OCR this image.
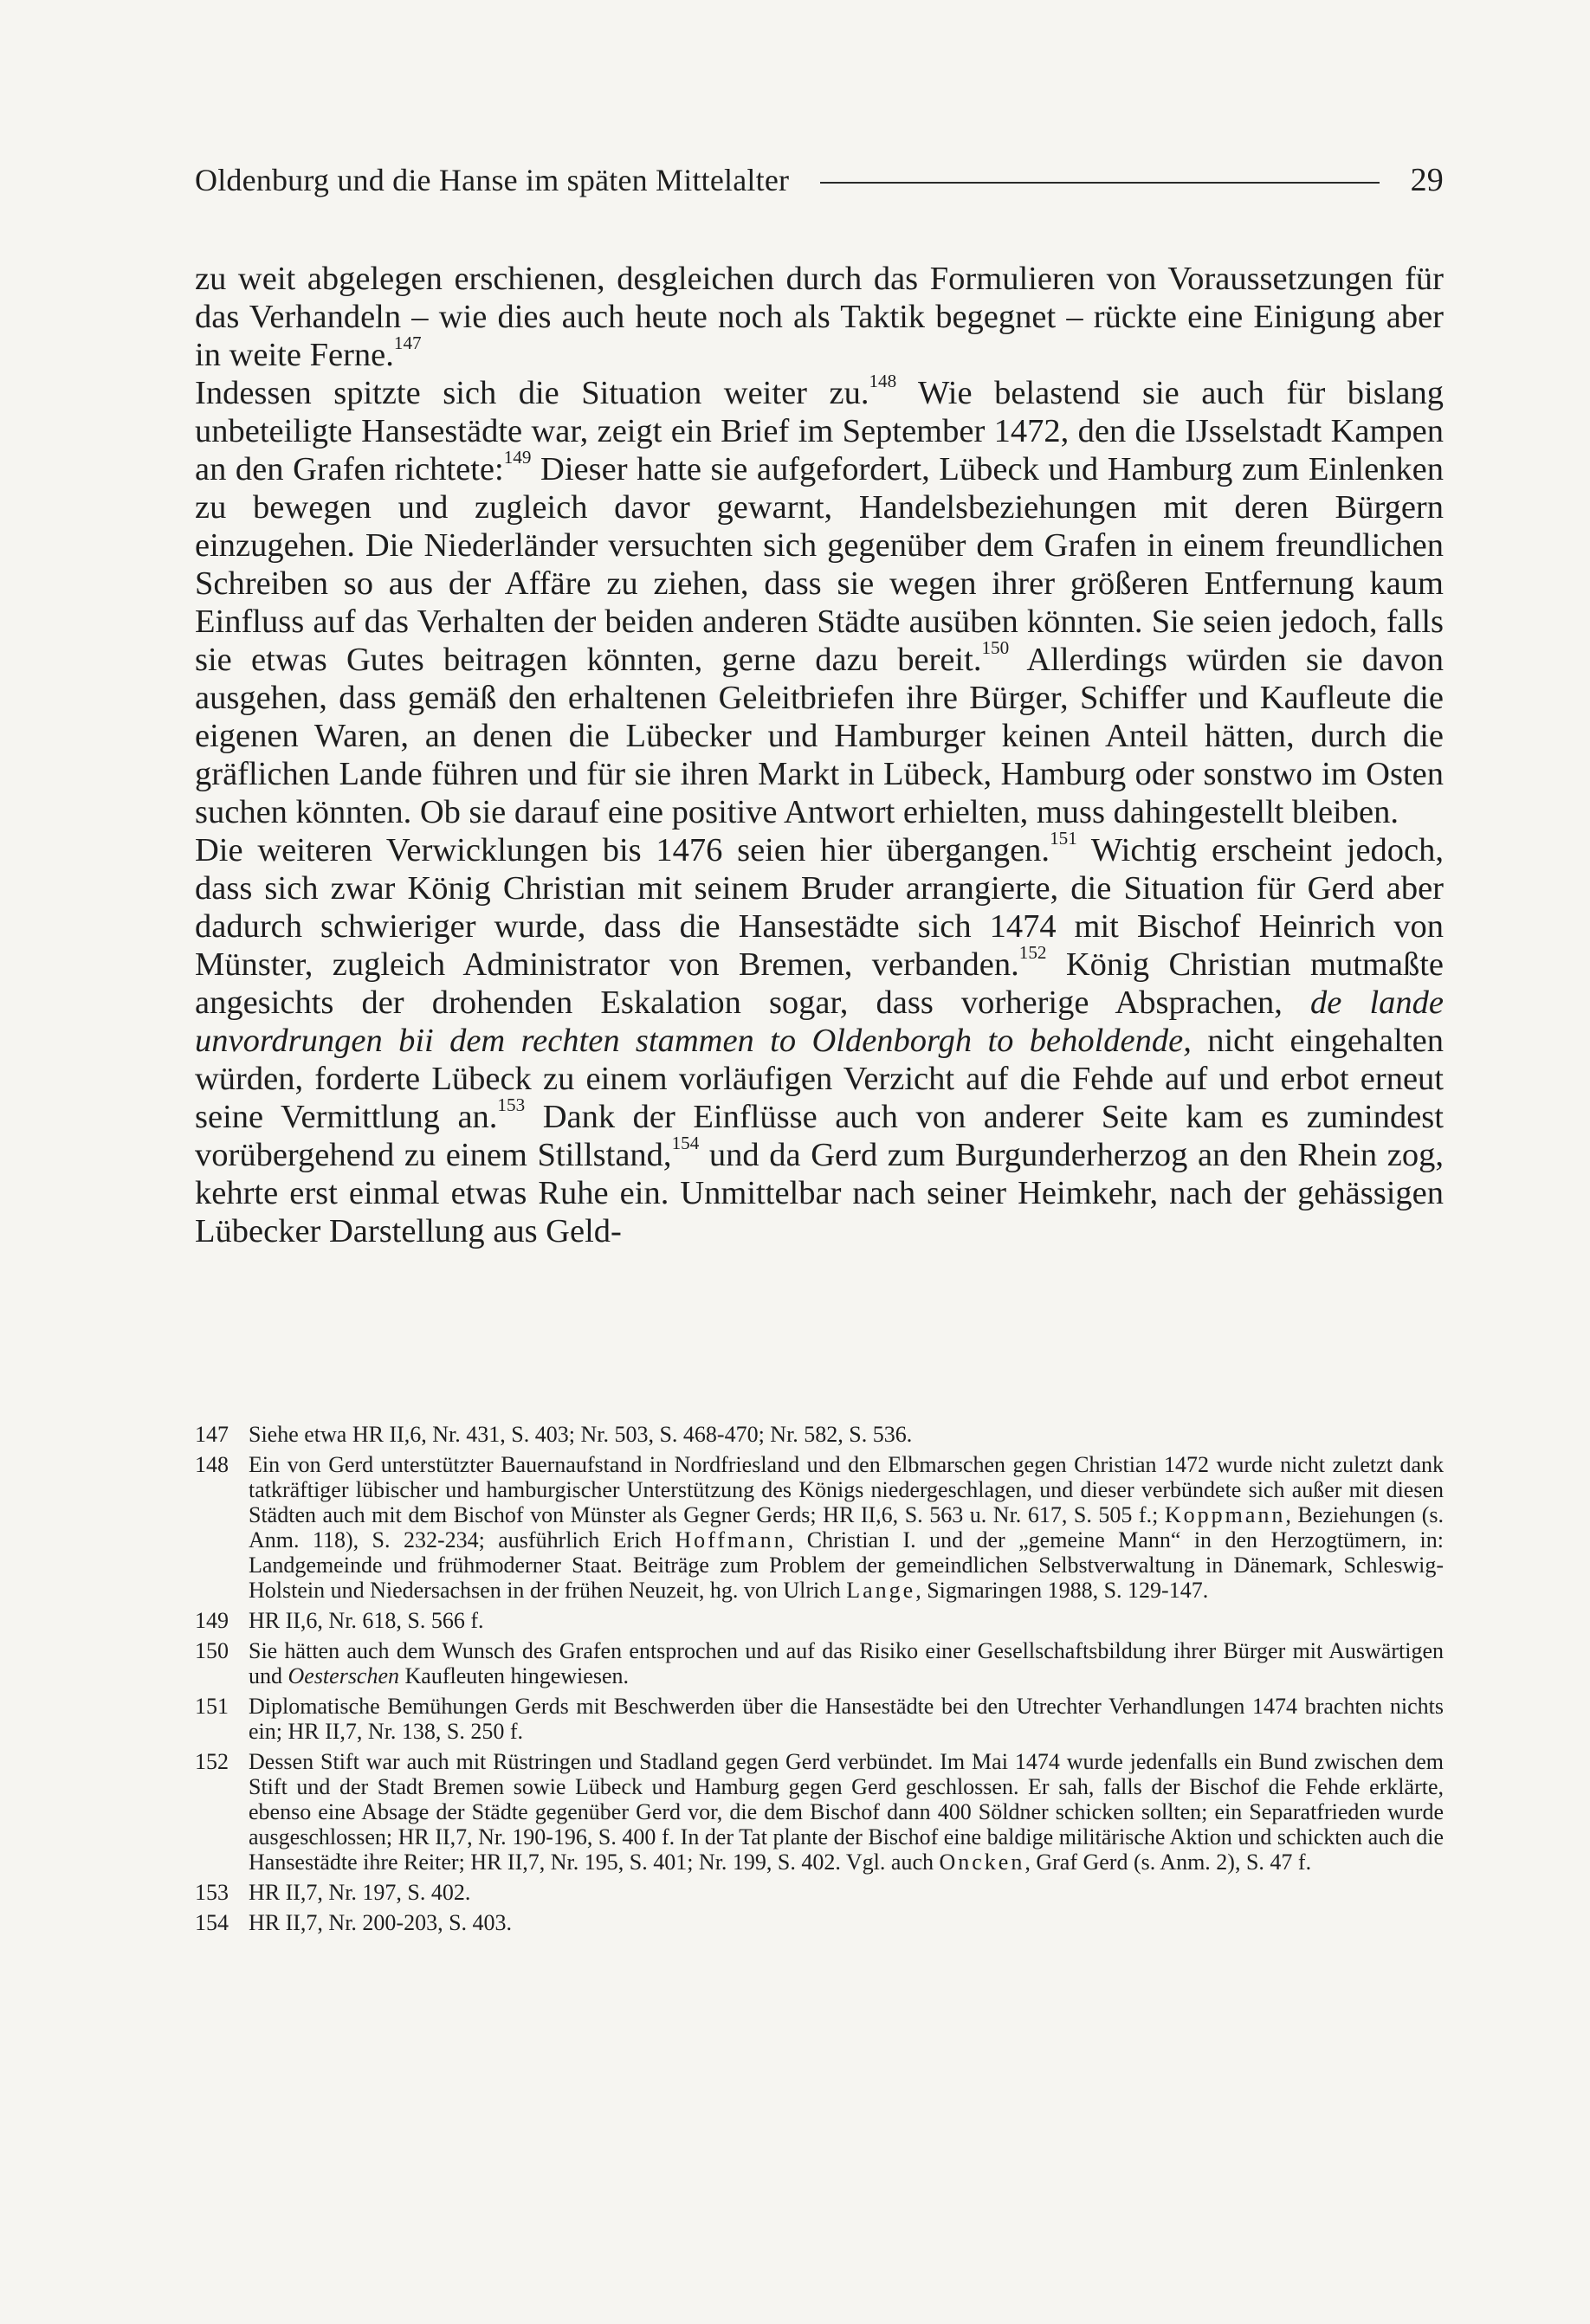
Oldenburg und die Hanse im späten Mittelalter	29

zu weit abgelegen erschienen, desgleichen durch das Formulieren von Voraussetzungen für das Verhandeln – wie dies auch heute noch als Taktik begegnet – rückte eine Einigung aber in weite Ferne.$^{147}$

Indessen spitzte sich die Situation weiter zu.$^{148}$ Wie belastend sie auch für bislang unbeteiligte Hansestädte war, zeigt ein Brief im September 1472, den die IJsselstadt Kampen an den Grafen richtete:$^{149}$ Dieser hatte sie aufgefordert, Lübeck und Hamburg zum Einlenken zu bewegen und zugleich davor gewarnt, Handelsbeziehungen mit deren Bürgern einzugehen. Die Niederländer versuchten sich gegenüber dem Grafen in einem freundlichen Schreiben so aus der Affäre zu ziehen, dass sie wegen ihrer größeren Entfernung kaum Einfluss auf das Verhalten der beiden anderen Städte ausüben könnten. Sie seien jedoch, falls sie etwas Gutes beitragen könnten, gerne dazu bereit.$^{150}$ Allerdings würden sie davon ausgehen, dass gemäß den erhaltenen Geleitbriefen ihre Bürger, Schiffer und Kaufleute die eigenen Waren, an denen die Lübecker und Hamburger keinen Anteil hätten, durch die gräflichen Lande führen und für sie ihren Markt in Lübeck, Hamburg oder sonstwo im Osten suchen könnten. Ob sie darauf eine positive Antwort erhielten, muss dahingestellt bleiben.

Die weiteren Verwicklungen bis 1476 seien hier übergangen.$^{151}$ Wichtig erscheint jedoch, dass sich zwar König Christian mit seinem Bruder arrangierte, die Situation für Gerd aber dadurch schwieriger wurde, dass die Hansestädte sich 1474 mit Bischof Heinrich von Münster, zugleich Administrator von Bremen, verbanden.$^{152}$ König Christian mutmaßte angesichts der drohenden Eskalation sogar, dass vorherige Absprachen, de lande unvordrungen bii dem rechten stammen to Oldenborgh to beholdende, nicht eingehalten würden, forderte Lübeck zu einem vorläufigen Verzicht auf die Fehde auf und erbot erneut seine Vermittlung an.$^{153}$ Dank der Einflüsse auch von anderer Seite kam es zumindest vorübergehend zu einem Stillstand,$^{154}$ und da Gerd zum Burgunderherzog an den Rhein zog, kehrte erst einmal etwas Ruhe ein. Unmittelbar nach seiner Heimkehr, nach der gehässigen Lübecker Darstellung aus Geld-

147 Siehe etwa HR II,6, Nr. 431, S. 403; Nr. 503, S. 468-470; Nr. 582, S. 536.
148 Ein von Gerd unterstützter Bauernaufstand in Nordfriesland und den Elbmarschen gegen Christian 1472 wurde nicht zuletzt dank tatkräftiger lübischer und hamburgischer Unterstützung des Königs niedergeschlagen, und dieser verbündete sich außer mit diesen Städten auch mit dem Bischof von Münster als Gegner Gerds; HR II,6, S. 563 u. Nr. 617, S. 505 f.; Koppmann, Beziehungen (s. Anm. 118), S. 232-234; ausführlich Erich Hoffmann, Christian I. und der „gemeine Mann“ in den Herzogtümern, in: Landgemeinde und frühmoderner Staat. Beiträge zum Problem der gemeindlichen Selbstverwaltung in Dänemark, Schleswig-Holstein und Niedersachsen in der frühen Neuzeit, hg. von Ulrich Lange, Sigmaringen 1988, S. 129-147.
149 HR II,6, Nr. 618, S. 566 f.
150 Sie hätten auch dem Wunsch des Grafen entsprochen und auf das Risiko einer Gesellschaftsbildung ihrer Bürger mit Auswärtigen und Oesterschen Kaufleuten hingewiesen.
151 Diplomatische Bemühungen Gerds mit Beschwerden über die Hansestädte bei den Utrechter Verhandlungen 1474 brachten nichts ein; HR II,7, Nr. 138, S. 250 f.
152 Dessen Stift war auch mit Rüstringen und Stadland gegen Gerd verbündet. Im Mai 1474 wurde jedenfalls ein Bund zwischen dem Stift und der Stadt Bremen sowie Lübeck und Hamburg gegen Gerd geschlossen. Er sah, falls der Bischof die Fehde erklärte, ebenso eine Absage der Städte gegenüber Gerd vor, die dem Bischof dann 400 Söldner schicken sollten; ein Separatfrieden wurde ausgeschlossen; HR II,7, Nr. 190-196, S. 400 f. In der Tat plante der Bischof eine baldige militärische Aktion und schickten auch die Hansestädte ihre Reiter; HR II,7, Nr. 195, S. 401; Nr. 199, S. 402. Vgl. auch Oncken, Graf Gerd (s. Anm. 2), S. 47 f.
153 HR II,7, Nr. 197, S. 402.
154 HR II,7, Nr. 200-203, S. 403.
